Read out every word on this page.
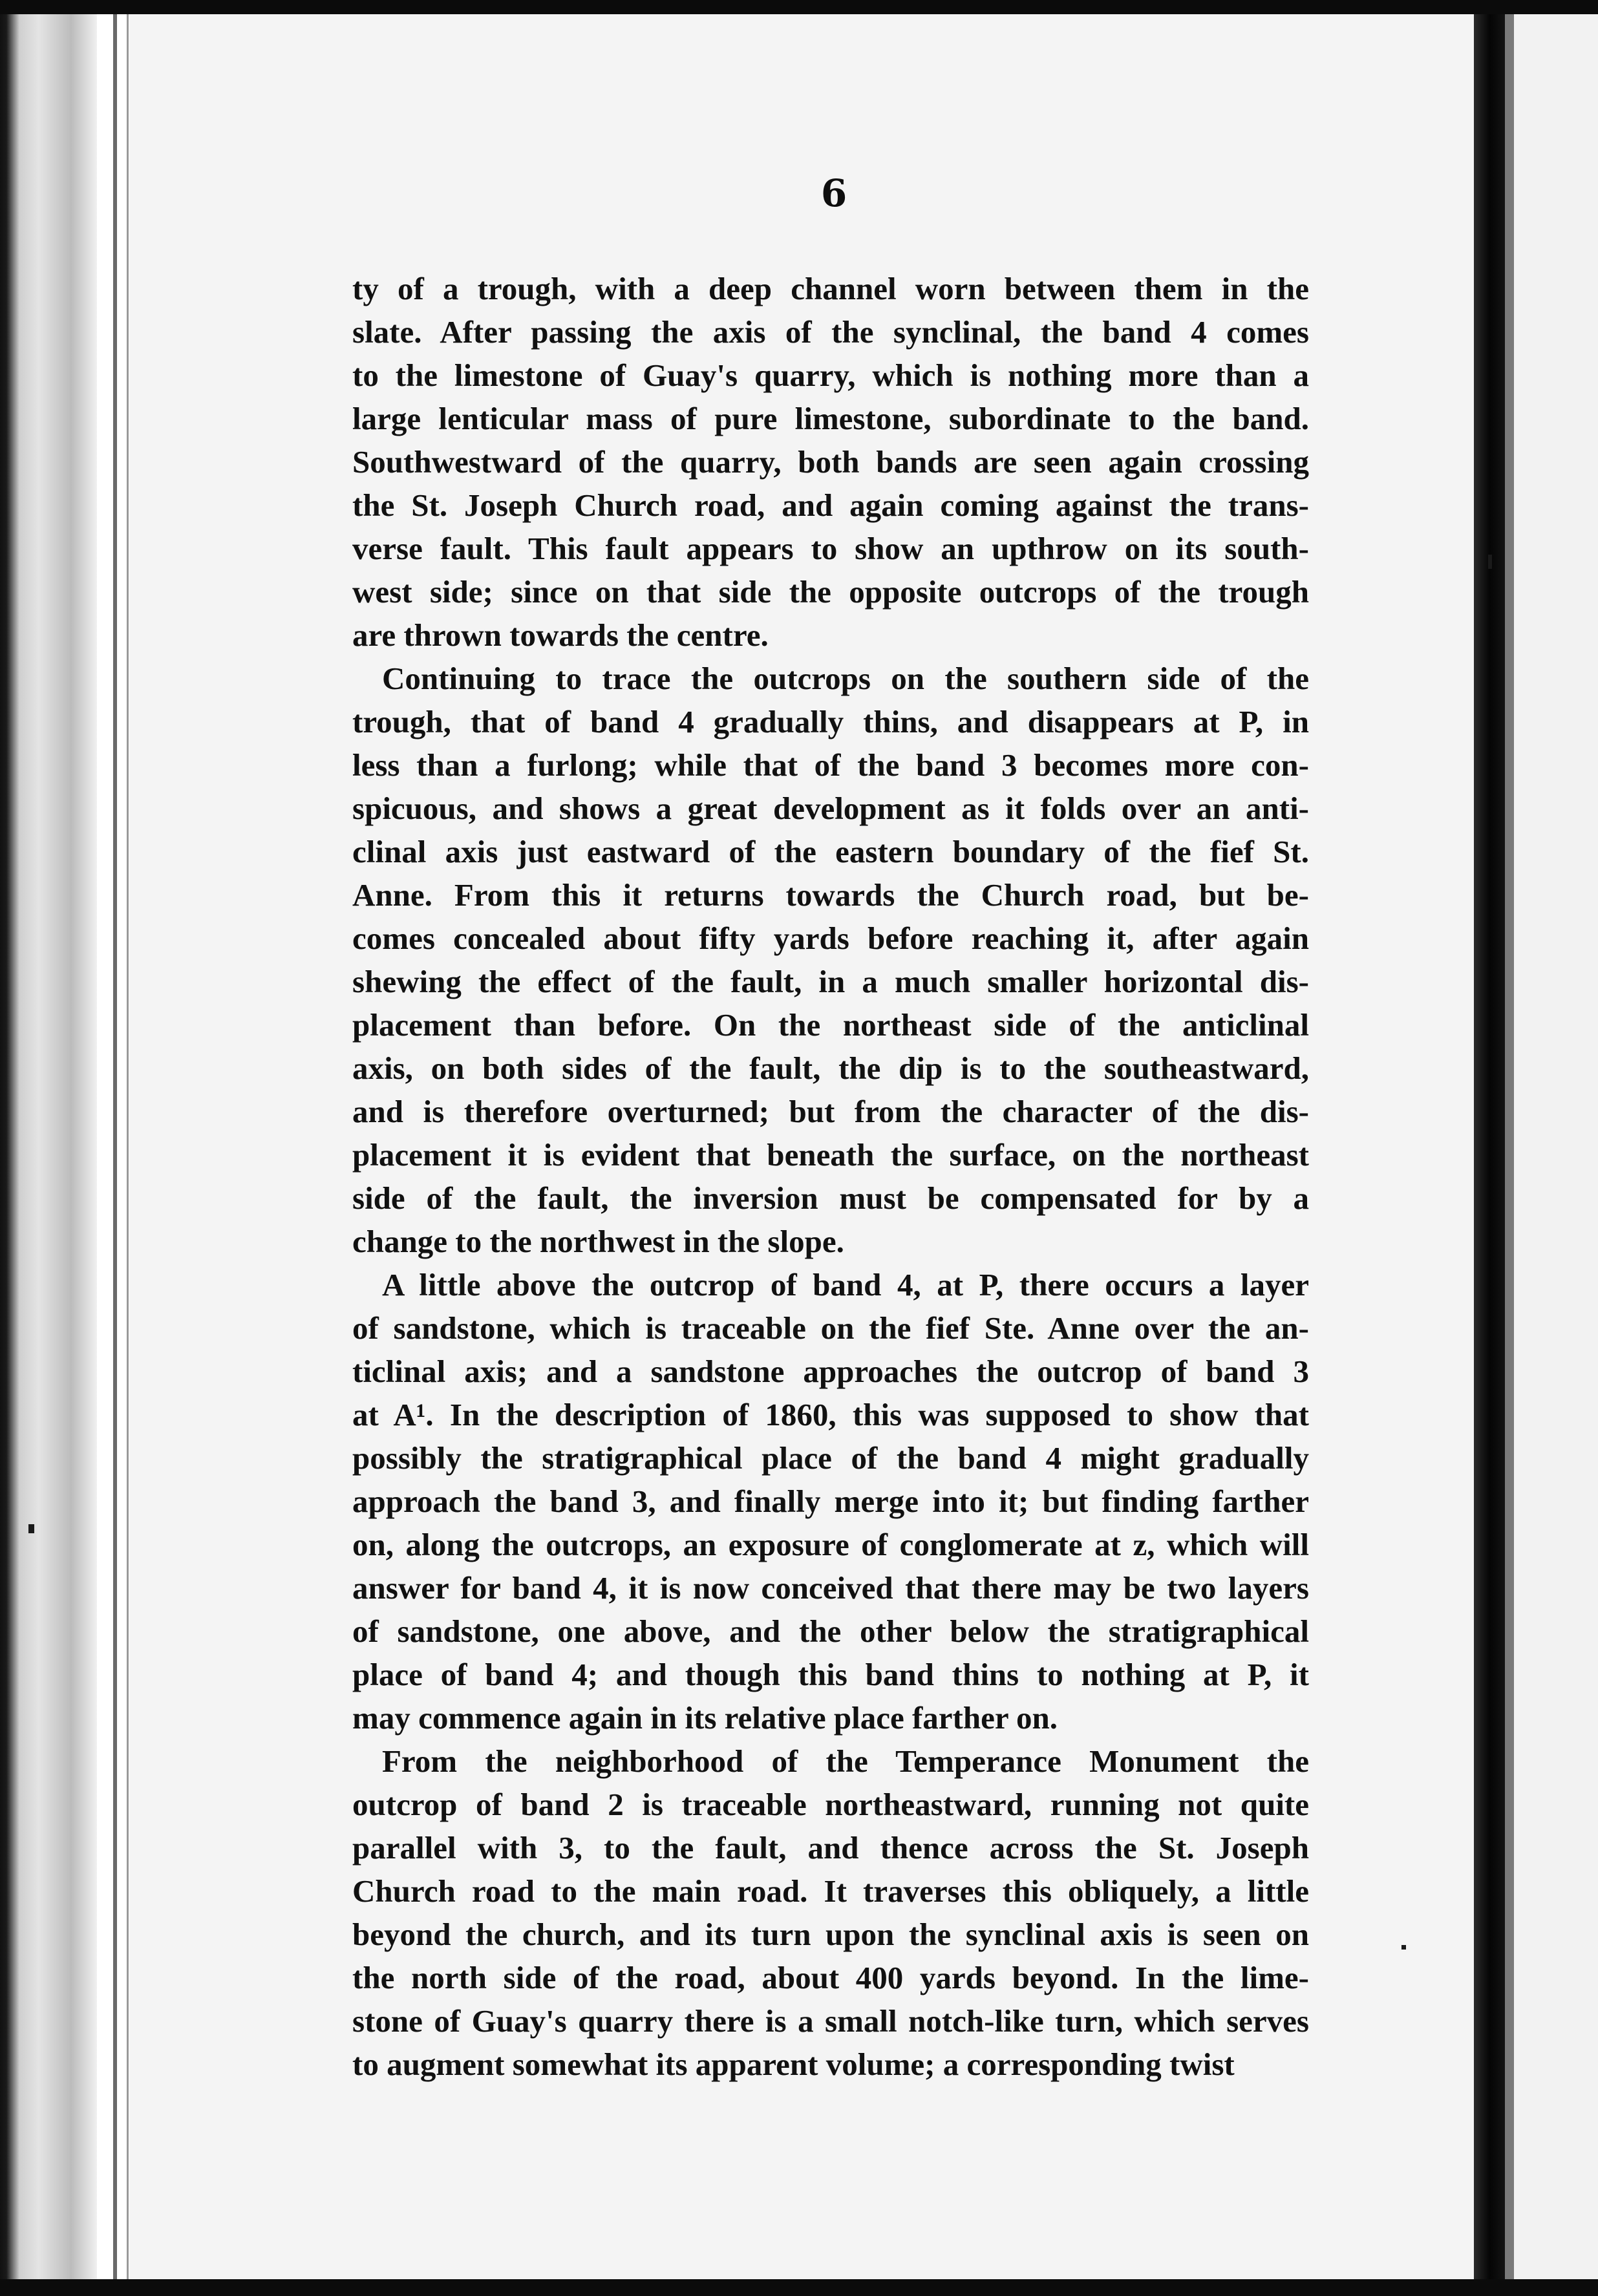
6
ty of a trough, with a deep channel worn between them in the
slate. After passing the axis of the synclinal, the band 4 comes
to the limestone of Guay's quarry, which is nothing more than a
large lenticular mass of pure limestone, subordinate to the band.
Southwestward of the quarry, both bands are seen again crossing
the St. Joseph Church road, and again coming against the trans-
verse fault. This fault appears to show an upthrow on its south-
west side; since on that side the opposite outcrops of the trough
are thrown towards the centre.
Continuing to trace the outcrops on the southern side of the
trough, that of band 4 gradually thins, and disappears at P, in
less than a furlong; while that of the band 3 becomes more con-
spicuous, and shows a great development as it folds over an anti-
clinal axis just eastward of the eastern boundary of the fief St.
Anne. From this it returns towards the Church road, but be-
comes concealed about fifty yards before reaching it, after again
shewing the effect of the fault, in a much smaller horizontal dis-
placement than before. On the northeast side of the anticlinal
axis, on both sides of the fault, the dip is to the southeastward,
and is therefore overturned; but from the character of the dis-
placement it is evident that beneath the surface, on the northeast
side of the fault, the inversion must be compensated for by a
change to the northwest in the slope.
A little above the outcrop of band 4, at P, there occurs a layer
of sandstone, which is traceable on the fief Ste. Anne over the an-
ticlinal axis; and a sandstone approaches the outcrop of band 3
at A¹. In the description of 1860, this was supposed to show that
possibly the stratigraphical place of the band 4 might gradually
approach the band 3, and finally merge into it; but finding farther
on, along the outcrops, an exposure of conglomerate at z, which will
answer for band 4, it is now conceived that there may be two layers
of sandstone, one above, and the other below the stratigraphical
place of band 4; and though this band thins to nothing at P, it
may commence again in its relative place farther on.
From the neighborhood of the Temperance Monument the
outcrop of band 2 is traceable northeastward, running not quite
parallel with 3, to the fault, and thence across the St. Joseph
Church road to the main road. It traverses this obliquely, a little
beyond the church, and its turn upon the synclinal axis is seen on
the north side of the road, about 400 yards beyond. In the lime-
stone of Guay's quarry there is a small notch-like turn, which serves
to augment somewhat its apparent volume; a corresponding twist
